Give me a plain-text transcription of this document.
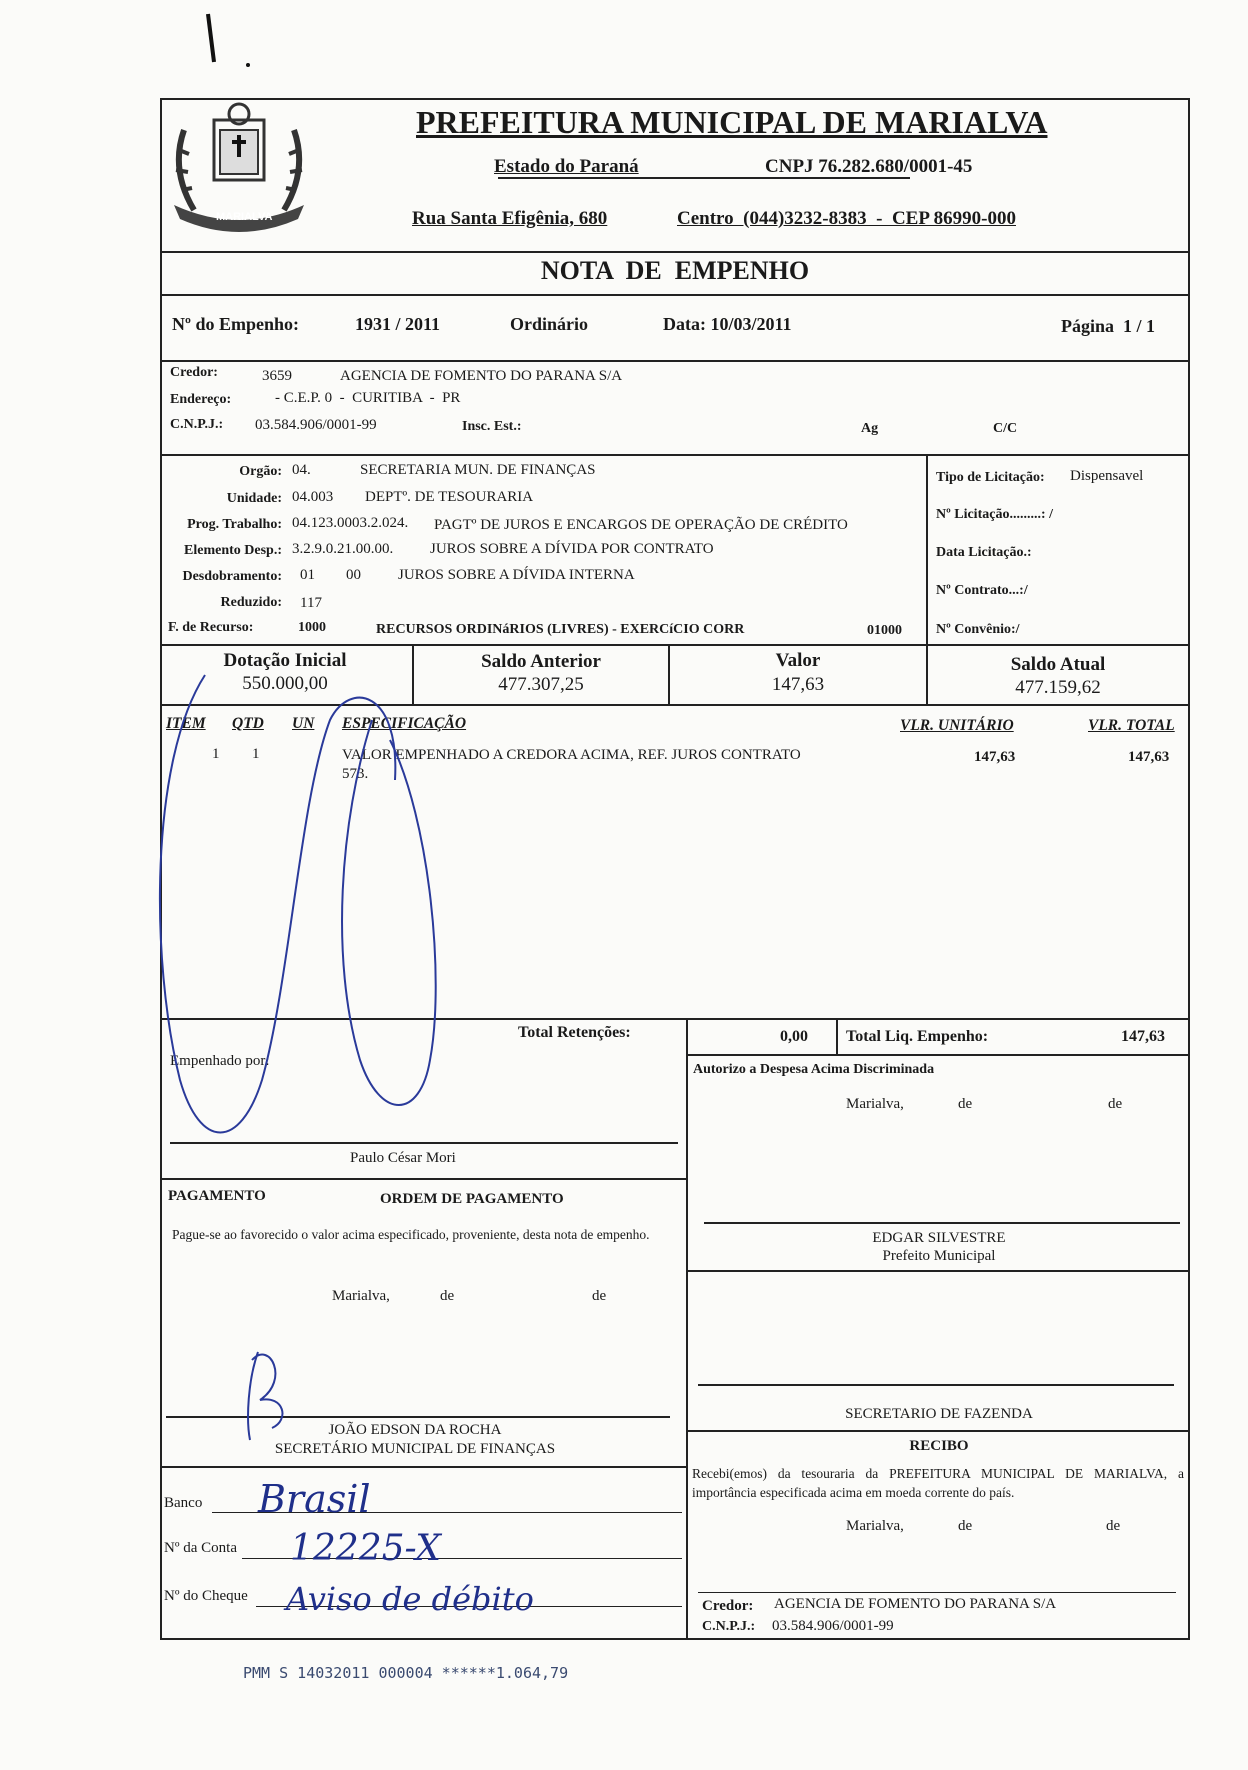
MARIALVA
PREFEITURA MUNICIPAL DE MARIALVA
Estado do Paraná	CNPJ 76.282.680/0001-45
Rua Santa Efigênia, 680	Centro  (044)3232-8383  -  CEP 86990-000
NOTA  DE  EMPENHO
Nº do Empenho:	1931 / 2011	Ordinário	Data: 10/03/2011	Página  1 / 1
Credor:	3659	AGENCIA DE FOMENTO DO PARANA S/A
Endereço:	- C.E.P. 0  -  CURITIBA  -  PR
C.N.P.J.: 03.584.906/0001-99	Insc. Est.:	Ag	C/C
Orgão: 04.	SECRETARIA MUN. DE FINANÇAS
Unidade: 04.003 DEPTº. DE TESOURARIA
Prog. Trabalho: 04.123.0003.2.024. PAGTº DE JUROS E ENCARGOS DE OPERAÇÃO DE CRÉDITO
Elemento Desp.: 3.2.9.0.21.00.00. JUROS SOBRE A DÍVIDA POR CONTRATO
Desdobramento: 01 00 JUROS SOBRE A DÍVIDA INTERNA
Reduzido: 117
F. de Recurso:	1000	RECURSOS ORDINáRIOS (LIVRES) - EXERCíCIO CORR	01000
Tipo de Licitação: Dispensavel
Nº Licitação.........: /
Data Licitação.:
Nº Contrato...:/
Nº Convênio:/
Dotação Inicial
550.000,00
Saldo Anterior
477.307,25
Valor
147,63
Saldo Atual
477.159,62
ITEM QTD UN ESPECIFICAÇÃO	VLR. UNITÁRIO	VLR. TOTAL
1 1	VALOR EMPENHADO A CREDORA ACIMA, REF. JUROS CONTRATO
573.
147,63	147,63
Total Retenções:	0,00 Total Liq. Empenho:	147,63
Empenhado por:
Paulo César Mori
Autorizo a Despesa Acima Discriminada
Marialva,	de	de
EDGAR SILVESTRE
Prefeito Municipal
SECRETARIO DE FAZENDA
PAGAMENTO	ORDEM DE PAGAMENTO
Pague-se ao favorecido o valor acima especificado, proveniente, desta nota de empenho.
Marialva,	de	de
JOÃO EDSON DA ROCHA
SECRETÁRIO MUNICIPAL DE FINANÇAS
Banco
Nº da Conta
Nº do Cheque
RECIBO
Recebi(emos) da tesouraria da PREFEITURA MUNICIPAL DE MARIALVA, a importância especificada acima em moeda corrente do país.
Marialva,	de	de
Credor: AGENCIA DE FOMENTO DO PARANA S/A
C.N.P.J.: 03.584.906/0001-99
Brasil
12225-X
Aviso de débito
PMM S 14032011 000004 ******1.064,79
